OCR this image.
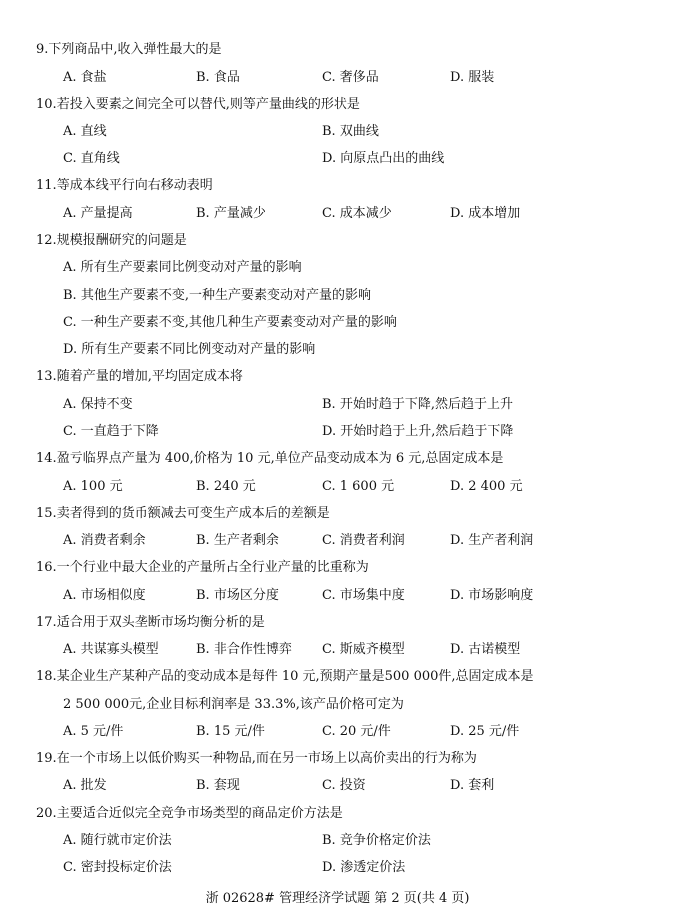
9.下列商品中,收入弹性最大的是
A. 食盐	B. 食品	C. 奢侈品	D. 服装
10.若投入要素之间完全可以替代,则等产量曲线的形状是
A. 直线	B. 双曲线
C. 直角线	D. 向原点凸出的曲线
11.等成本线平行向右移动表明
A. 产量提高	B. 产量减少	C. 成本减少	D. 成本增加
12.规模报酬研究的问题是
A. 所有生产要素同比例变动对产量的影响
B. 其他生产要素不变,一种生产要素变动对产量的影响
C. 一种生产要素不变,其他几种生产要素变动对产量的影响
D. 所有生产要素不同比例变动对产量的影响
13.随着产量的增加,平均固定成本将
A. 保持不变	B. 开始时趋于下降,然后趋于上升
C. 一直趋于下降	D. 开始时趋于上升,然后趋于下降
14.盈亏临界点产量为 400,价格为 10 元,单位产品变动成本为 6 元,总固定成本是
A. 100 元	B. 240 元	C. 1 600 元	D. 2 400 元
15.卖者得到的货币额减去可变生产成本后的差额是
A. 消费者剩余	B. 生产者剩余	C. 消费者利润	D. 生产者利润
16.一个行业中最大企业的产量所占全行业产量的比重称为
A. 市场相似度	B. 市场区分度	C. 市场集中度	D. 市场影响度
17.适合用于双头垄断市场均衡分析的是
A. 共谋寡头模型	B. 非合作性博弈 C. 斯威齐模型	D. 古诺模型
18.某企业生产某种产品的变动成本是每件 10 元,预期产量是500 000件,总固定成本是
2 500 000元,企业目标利润率是 33.3%,该产品价格可定为
A. 5 元/件	B. 15 元/件	C. 20 元/件	D. 25 元/件
19.在一个市场上以低价购买一种物品,而在另一市场上以高价卖出的行为称为
A. 批发	B. 套现	C. 投资	D. 套利
20.主要适合近似完全竞争市场类型的商品定价方法是
A. 随行就市定价法	B. 竞争价格定价法
C. 密封投标定价法	D. 渗透定价法
浙 02628# 管理经济学试题 第 2 页(共 4 页)
